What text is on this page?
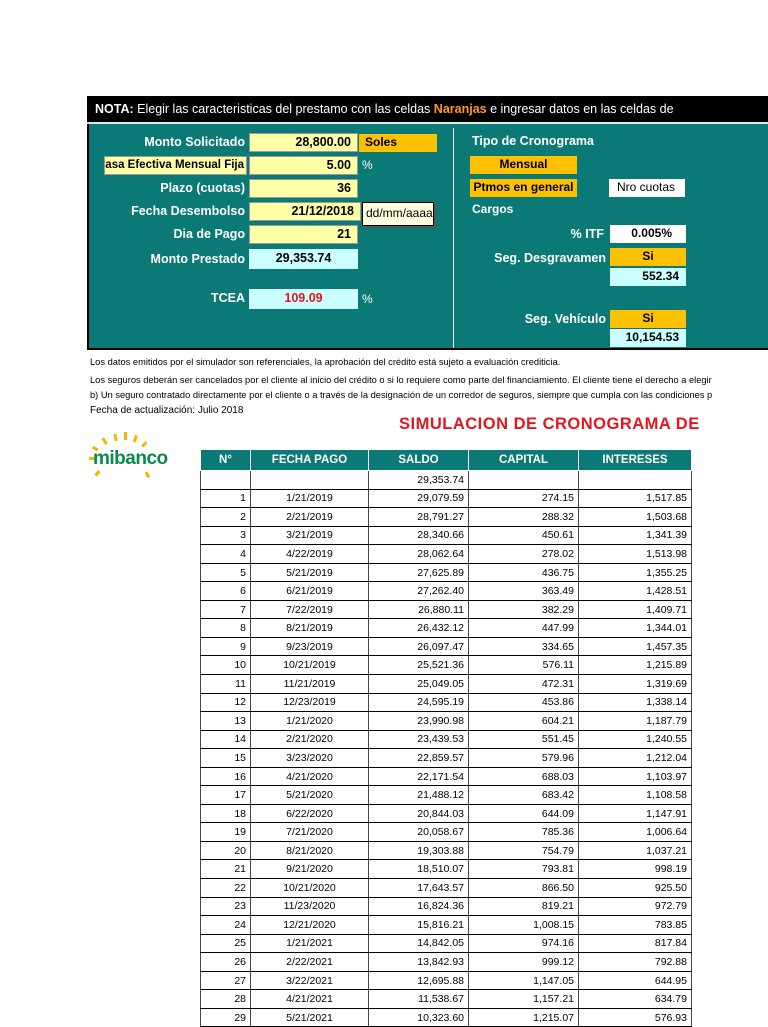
NOTA: Elegir las caracteristicas del prestamo con las celdas Naranjas e ingresar datos en las celdas de
Monto Solicitado	28,800.00	Soles
asa Efectiva Mensual Fija	5.00 %
Plazo (cuotas)	36
Fecha Desembolso	21/12/2018	dd/mm/aaaa
Dia de Pago	21
Monto Prestado	29,353.74
TCEA	109.09	%
Tipo de Cronograma
Mensual
Ptmos en general	Nro cuotas
Cargos
% ITF	0.005%
Seg. Desgravamen	Si
552.34
Seg. Vehículo	Si
10,154.53
Los datos emitidos por el simulador son referenciales, la aprobación del crédito está sujeto a evaluación crediticia.
Los seguros deberán ser cancelados por el cliente al inicio del crédito o si lo requiere como parte del financiamiento. El cliente tiene el derecho a elegir
b) Un seguro contratado directamente por el cliente o a través de la designación de un corredor de seguros, siempre que cumpla con las condiciones p
Fecha de actualización: Julio 2018
SIMULACION DE CRONOGRAMA DE
mibanco	N°	FECHA PAGO	SALDO	CAPITAL	INTERESES
		29,353.74		
1	1/21/2019	29,079.59	274.15	1,517.85
2	2/21/2019	28,791.27	288.32	1,503.68
3	3/21/2019	28,340.66	450.61	1,341.39
4	4/22/2019	28,062.64	278.02	1,513.98
5	5/21/2019	27,625.89	436.75	1,355.25
6	6/21/2019	27,262.40	363.49	1,428.51
7	7/22/2019	26,880.11	382.29	1,409.71
8	8/21/2019	26,432.12	447.99	1,344.01
9	9/23/2019	26,097.47	334.65	1,457.35
10	10/21/2019	25,521.36	576.11	1,215.89
11	11/21/2019	25,049.05	472.31	1,319.69
12	12/23/2019	24,595.19	453.86	1,338.14
13	1/21/2020	23,990.98	604.21	1,187.79
14	2/21/2020	23,439.53	551.45	1,240.55
15	3/23/2020	22,859.57	579.96	1,212.04
16	4/21/2020	22,171.54	688.03	1,103.97
17	5/21/2020	21,488.12	683.42	1,108.58
18	6/22/2020	20,844.03	644.09	1,147.91
19	7/21/2020	20,058.67	785.36	1,006.64
20	8/21/2020	19,303.88	754.79	1,037.21
21	9/21/2020	18,510.07	793.81	998.19
22	10/21/2020	17,643.57	866.50	925.50
23	11/23/2020	16,824.36	819.21	972.79
24	12/21/2020	15,816.21	1,008.15	783.85
25	1/21/2021	14,842.05	974.16	817.84
26	2/22/2021	13,842.93	999.12	792.88
27	3/22/2021	12,695.88	1,147.05	644.95
28	4/21/2021	11,538.67	1,157.21	634.79
29	5/21/2021	10,323.60	1,215.07	576.93
